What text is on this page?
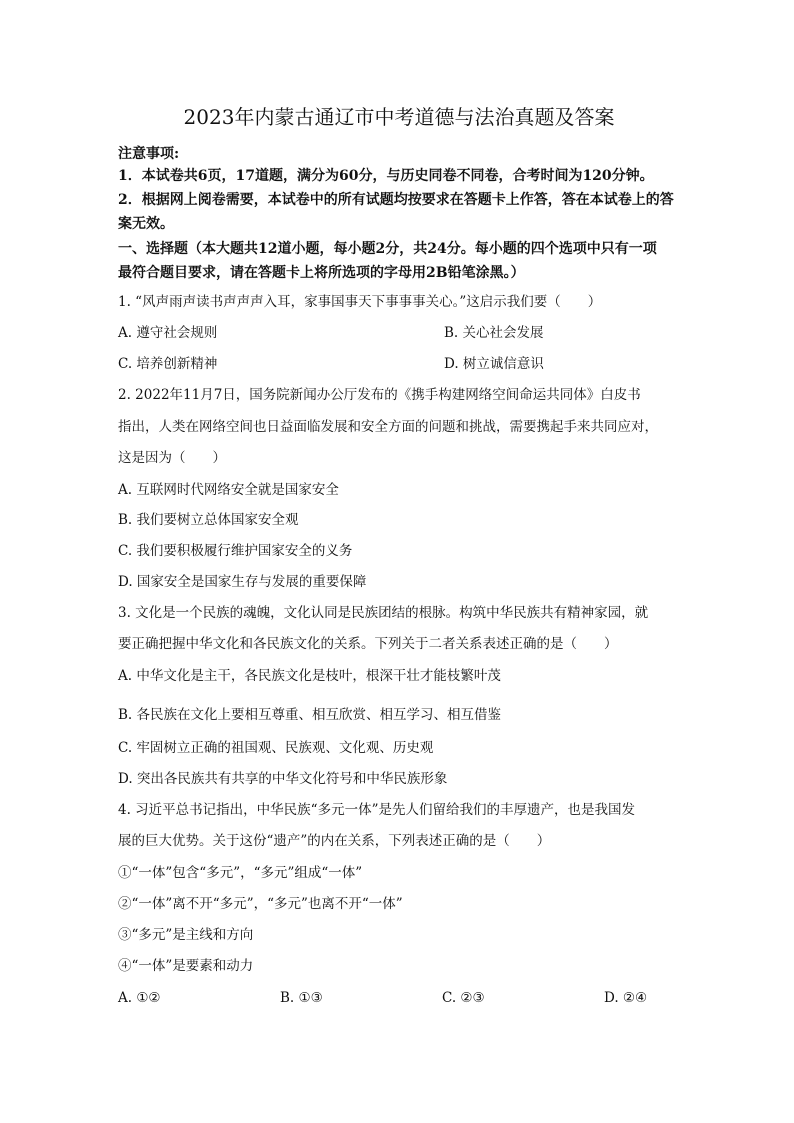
2023年内蒙古通辽市中考道德与法治真题及答案
注意事项:
1．本试卷共6页，17道题，满分为60分，与历史同卷不同卷，合考时间为120分钟。
2．根据网上阅卷需要，本试卷中的所有试题均按要求在答题卡上作答，答在本试卷上的答
案无效。
一、选择题（本大题共12道小题，每小题2分，共24分。每小题的四个选项中只有一项
最符合题目要求，请在答题卡上将所选项的字母用2B铅笔涂黑。）
1. “风声雨声读书声声声入耳，家事国事天下事事事关心。”这启示我们要（　　）
A. 遵守社会规则	B. 关心社会发展
C. 培养创新精神	D. 树立诚信意识
2. 2022年11月7日，国务院新闻办公厅发布的《携手构建网络空间命运共同体》白皮书
指出，人类在网络空间也日益面临发展和安全方面的问题和挑战，需要携起手来共同应对，
这是因为（　　）
A. 互联网时代网络安全就是国家安全
B. 我们要树立总体国家安全观
C. 我们要积极履行维护国家安全的义务
D. 国家安全是国家生存与发展的重要保障
3. 文化是一个民族的魂魄，文化认同是民族团结的根脉。构筑中华民族共有精神家园，就
要正确把握中华文化和各民族文化的关系。下列关于二者关系表述正确的是（　　）
A. 中华文化是主干，各民族文化是枝叶，根深干壮才能枝繁叶茂
B. 各民族在文化上要相互尊重、相互欣赏、相互学习、相互借鉴
C. 牢固树立正确的祖国观、民族观、文化观、历史观
D. 突出各民族共有共享的中华文化符号和中华民族形象
4. 习近平总书记指出，中华民族“多元一体”是先人们留给我们的丰厚遗产，也是我国发
展的巨大优势。关于这份“遗产”的内在关系，下列表述正确的是（　　）
①“一体”包含“多元”，“多元”组成“一体”
②“一体”离不开“多元”，“多元”也离不开“一体”
③“多元”是主线和方向
④“一体”是要素和动力
A. ①②	B. ①③	C. ②③	D. ②④
